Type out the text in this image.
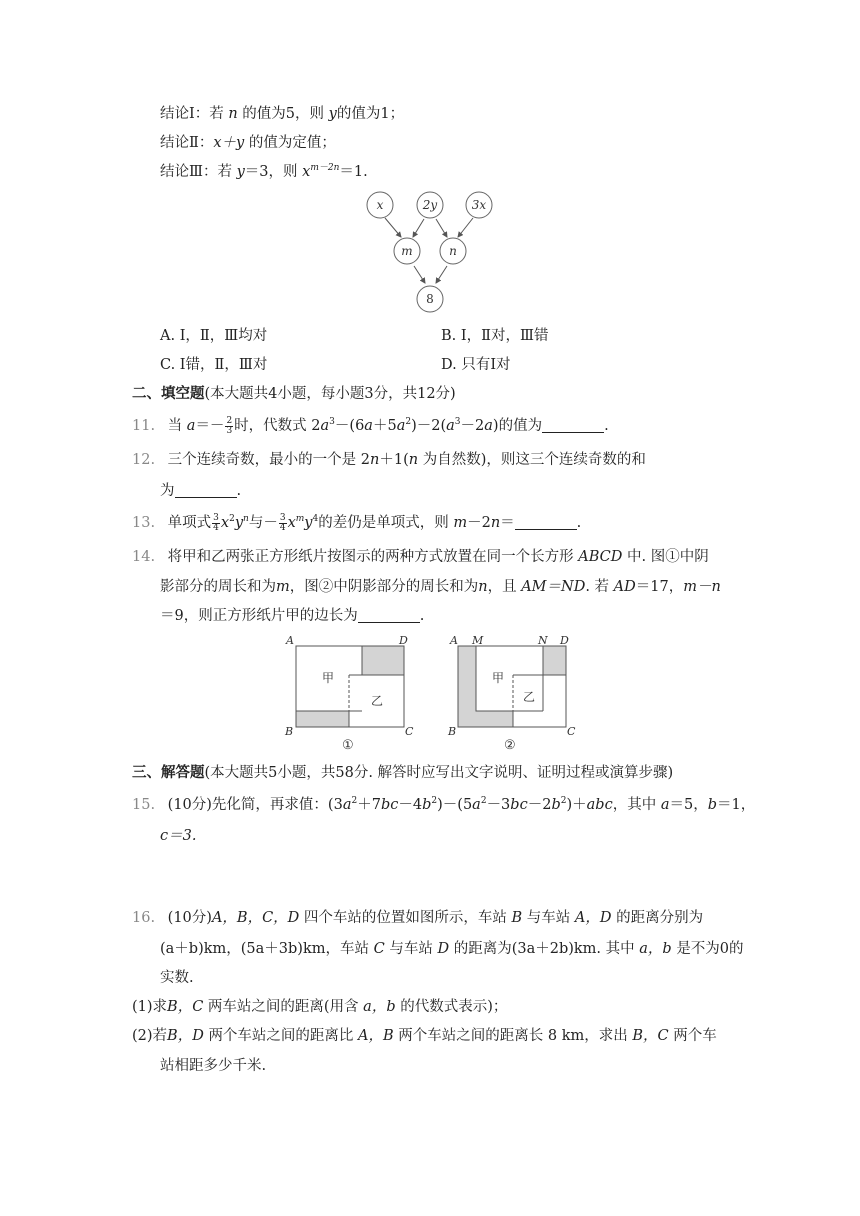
结论Ⅰ：若 n 的值为5，则 y的值为1；
结论Ⅱ：x＋y 的值为定值；
结论Ⅲ：若 y＝3，则 $x^{m-2n}=1$.
x	2y	3x
m	n
8
A. Ⅰ，Ⅱ，Ⅲ均对	B. Ⅰ，Ⅱ对，Ⅲ错
C. Ⅰ错，Ⅱ，Ⅲ对	D. 只有Ⅰ对
二、填空题(本大题共4小题，每小题3分，共12分)
11. 当 $a=- \frac{2}{3}$ 时，代数式 $2a^3-(6a+5a^2)-2(a^3-2a)$的值为	.
12. 三个连续奇数，最小的一个是 2n＋1(n 为自然数)，则这三个连续奇数的和
为	.
13. 单项式 $\frac{3}{4} x^2y^n$与－ $\frac{3}{4} x^my^4$的差仍是单项式，则 m－2n＝	.
14. 将甲和乙两张正方形纸片按图示的两种方式放置在同一个长方形 ABCD 中. 图①中阴
影部分的周长和为m，图②中阴影部分的周长和为n，且 AM＝ND. 若 AD＝17，m－n
＝9，则正方形纸片甲的边长为	.
A	D
B	C
甲
乙
①
A M	N D
B	C
甲
乙
②
三、解答题(本大题共5小题，共58分. 解答时应写出文字说明、证明过程或演算步骤)
15. (10分)先化简，再求值：$(3a^2+7bc-4b^2)-(5a^2-3bc-2b^2)+abc$，其中 a＝5，b＝1，
c＝3.
16. (10分)A，B，C，D 四个车站的位置如图所示，车站 B 与车站 A，D 的距离分别为
(a＋b)km，(5a＋3b)km，车站 C 与车站 D 的距离为(3a＋2b)km. 其中 a，b 是不为0的
实数.
(1)求B，C 两车站之间的距离(用含 a，b 的代数式表示)；
(2)若B，D 两个车站之间的距离比 A，B 两个车站之间的距离长 8 km，求出 B，C 两个车
站相距多少千米.
